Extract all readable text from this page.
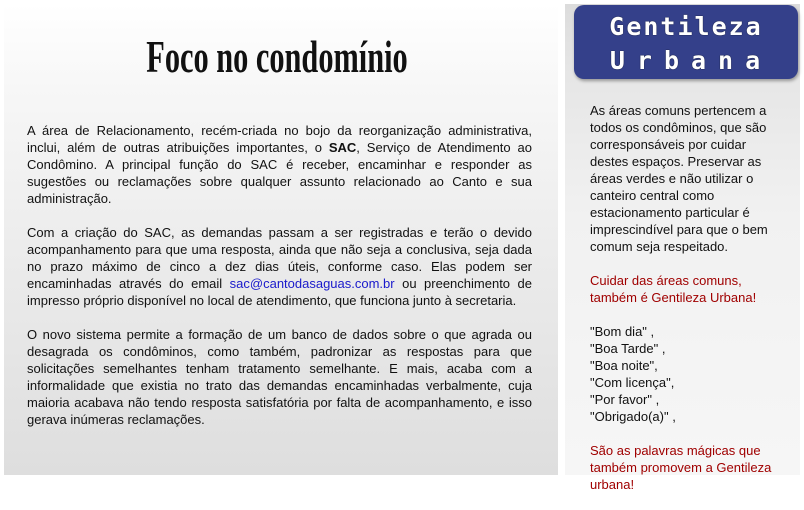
Foco no condomínio

A área de Relacionamento, recém-criada no bojo da reorganização administrativa, inclui, além de outras atribuições importantes, o SAC, Serviço de Atendimento ao Condômino. A principal função do SAC é receber, encaminhar e responder as sugestões ou reclamações sobre qualquer assunto relacionado ao Canto e sua administração.

Com a criação do SAC, as demandas passam a ser registradas e terão o devido acompanhamento para que uma resposta, ainda que não seja a conclusiva, seja dada no prazo máximo de cinco a dez dias úteis, conforme caso. Elas podem ser encaminhadas através do email sac@cantodasaguas.com.br ou preenchimento de impresso próprio disponível no local de atendimento, que funciona junto à secretaria.

O novo sistema permite a formação de um banco de dados sobre o que agrada ou desagrada os condôminos, como também, padronizar as respostas para que solicitações semelhantes tenham tratamento semelhante. E mais, acaba com a informalidade que existia no trato das demandas encaminhadas verbalmente, cuja maioria acabava não tendo resposta satisfatória por falta de acompanhamento, e isso gerava inúmeras reclamações.

Gentileza
Urbana

As áreas comuns pertencem a todos os condôminos, que são corresponsáveis por cuidar destes espaços. Preservar as áreas verdes e não utilizar o canteiro central como estacionamento particular é imprescindível para que o bem comum seja respeitado.

Cuidar das áreas comuns, também é Gentileza Urbana!

"Bom dia" ,
"Boa Tarde" ,
"Boa noite",
"Com licença",
"Por favor" ,
"Obrigado(a)" ,

São as palavras mágicas que também promovem a Gentileza urbana!
